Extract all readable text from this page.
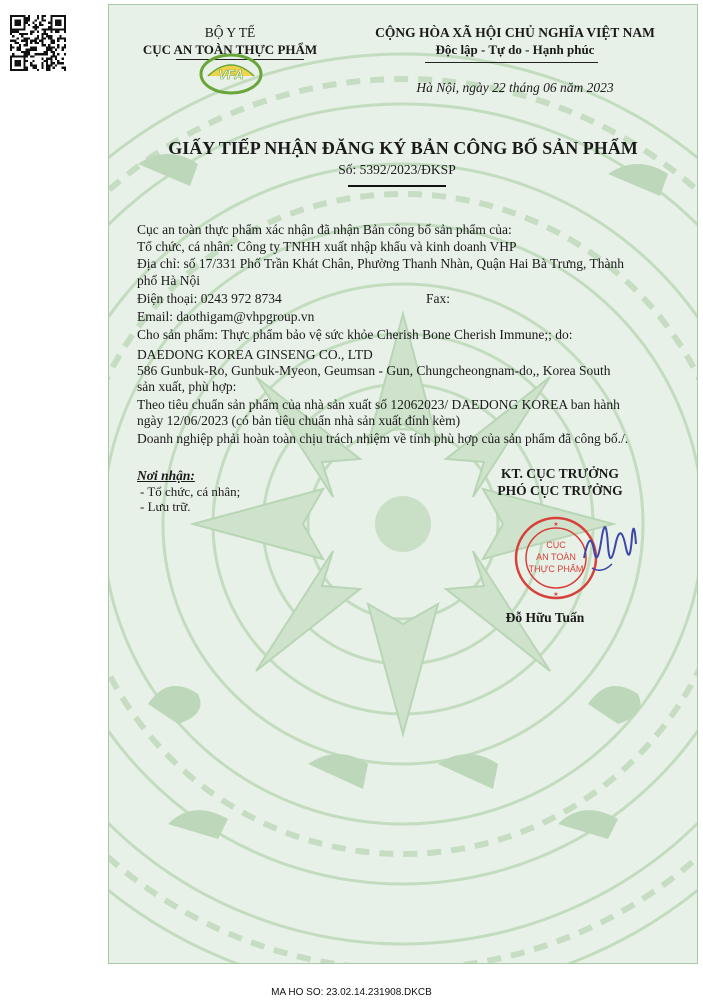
BỘ Y TẾ
CỤC AN TOÀN THỰC PHẨM
VFA
CỘNG HÒA XÃ HỘI CHỦ NGHĨA VIỆT NAM
Độc lập - Tự do - Hạnh phúc
Hà Nội, ngày 22 tháng 06 năm 2023
GIẤY TIẾP NHẬN ĐĂNG KÝ BẢN CÔNG BỐ SẢN PHẨM
Số: 5392/2023/ĐKSP
Cục an toàn thực phẩm xác nhận đã nhận Bản công bố sản phẩm của:
Tổ chức, cá nhân: Công ty TNHH xuất nhập khẩu và kinh doanh VHP
Địa chỉ: số 17/331 Phố Trần Khát Chân, Phường Thanh Nhàn, Quận Hai Bà Trưng, Thành
phố Hà Nội
Điện thoại: 0243 972 8734	Fax:
Email: daothigam@vhpgroup.vn
Cho sản phẩm: Thực phẩm bảo vệ sức khỏe Cherish Bone Cherish Immune;; do:
DAEDONG KOREA GINSENG CO., LTD
586 Gunbuk-Ro, Gunbuk-Myeon, Geumsan - Gun, Chungcheongnam-do,, Korea South
sản xuất, phù hợp:
Theo tiêu chuẩn sản phẩm của nhà sản xuất số 12062023/ DAEDONG KOREA ban hành
ngày 12/06/2023 (có bản tiêu chuẩn nhà sản xuất đính kèm)
Doanh nghiệp phải hoàn toàn chịu trách nhiệm về tính phù hợp của sản phẩm đã công bố./.
Nơi nhận:
- Tổ chức, cá nhân;
- Lưu trữ.
KT. CỤC TRƯỞNG
PHÓ CỤC TRƯỞNG
CỤC
AN TOÀN
THỰC PHẨM
★
★
Đỗ Hữu Tuấn
MA HO SO: 23.02.14.231908.DKCB
